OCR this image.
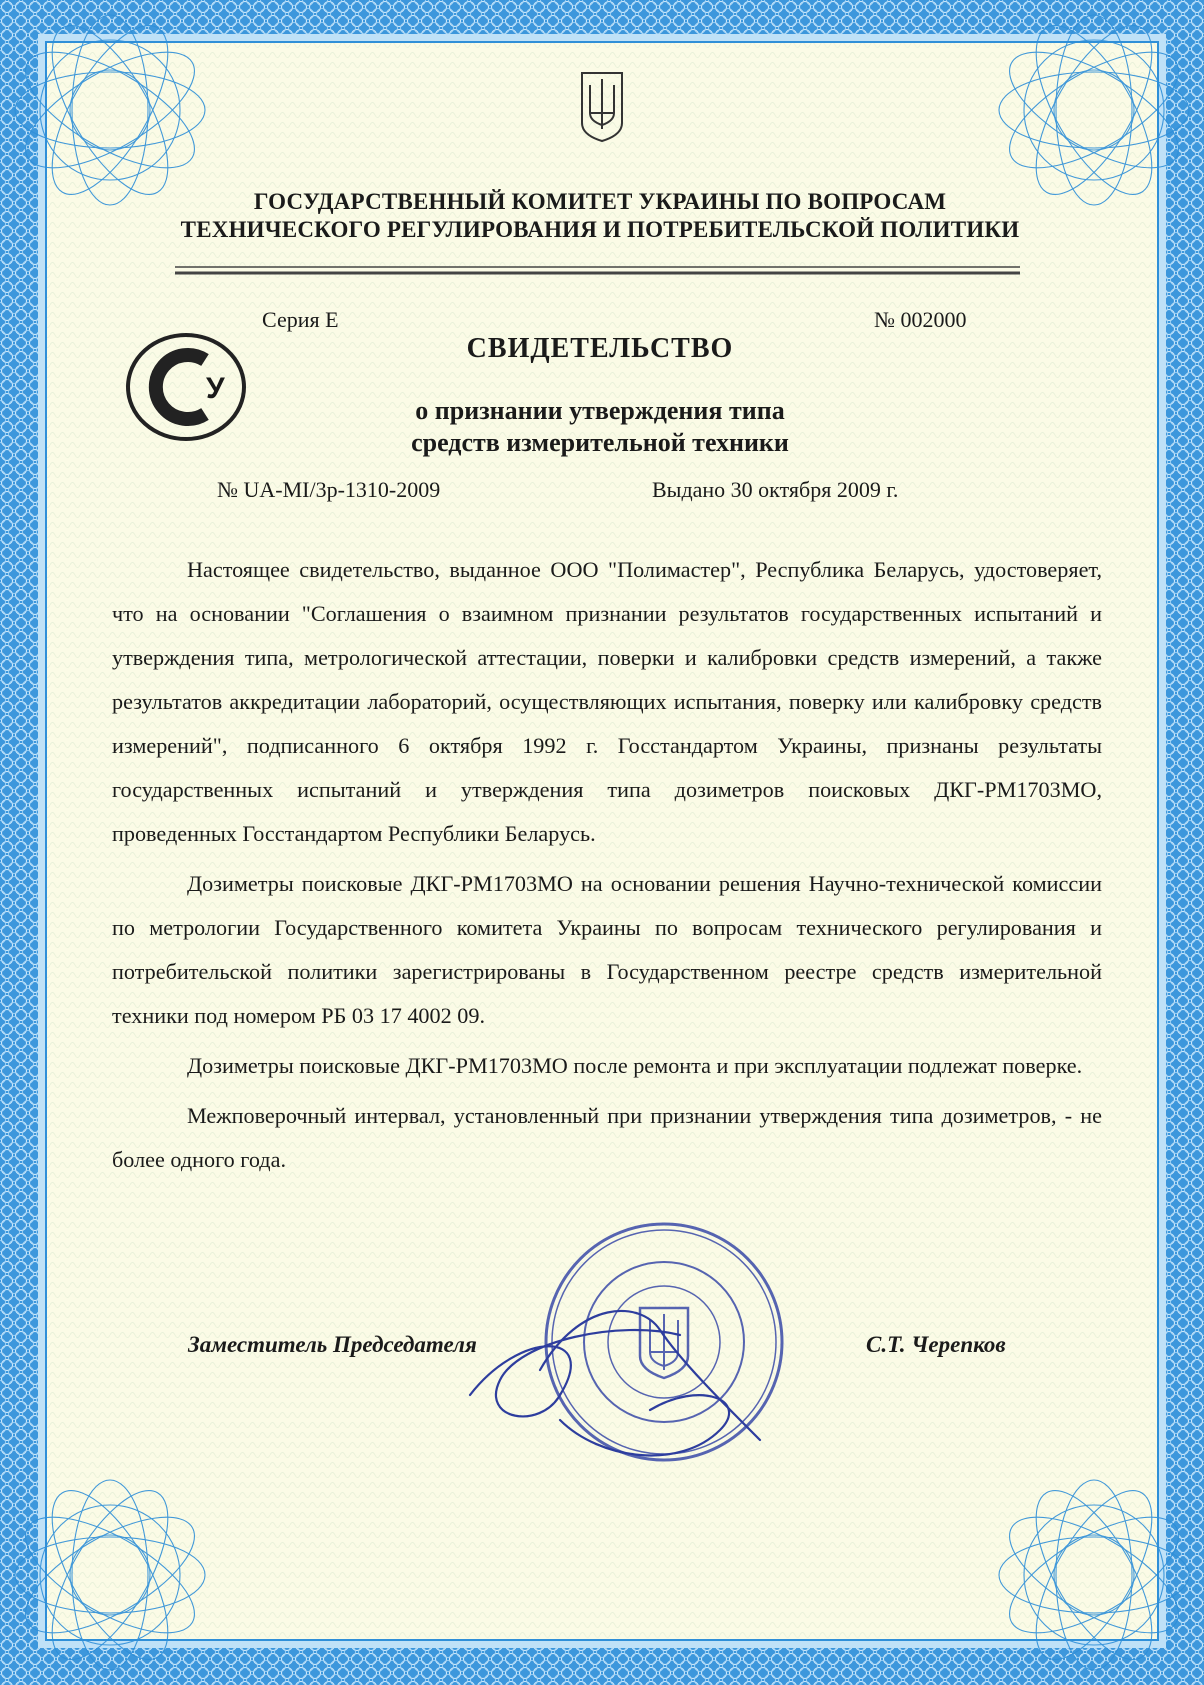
ГОСУДАРСТВЕННЫЙ КОМИТЕТ УКРАИНЫ ПО ВОПРОСАМ
ТЕХНИЧЕСКОГО РЕГУЛИРОВАНИЯ И ПОТРЕБИТЕЛЬСКОЙ ПОЛИТИКИ
Серия Е	№ 002000
СВИДЕТЕЛЬСТВО
о признании утверждения типа
средств измерительной техники
У
№ UA-MI/3р-1310-2009	Выдано 30 октября 2009 г.

Настоящее свидетельство, выданное ООО "Полимастер", Республика Беларусь, удостоверяет, что на основании "Соглашения о взаимном признании результатов государственных испытаний и утверждения типа, метрологической аттестации, поверки и калибровки средств измерений, а также результатов аккредитации лабораторий, осуществляющих испытания, поверку или калибровку средств измерений", подписанного 6 октября 1992 г. Госстандартом Украины, признаны результаты государственных испытаний и утверждения типа дозиметров поисковых ДКГ-РМ1703МО, проведенных Госстандартом Республики Беларусь.

Дозиметры поисковые ДКГ-РМ1703МО на основании решения Научно-технической комиссии по метрологии Государственного комитета Украины по вопросам технического регулирования и потребительской политики зарегистрированы в Государственном реестре средств измерительной техники под номером РБ 03 17 4002 09.

Дозиметры поисковые ДКГ-РМ1703МО после ремонта и при эксплуатации подлежат поверке.

Межповерочный интервал, установленный при признании утверждения типа дозиметров, - не более одного года.

Заместитель Председателя	С.Т. Черепков
